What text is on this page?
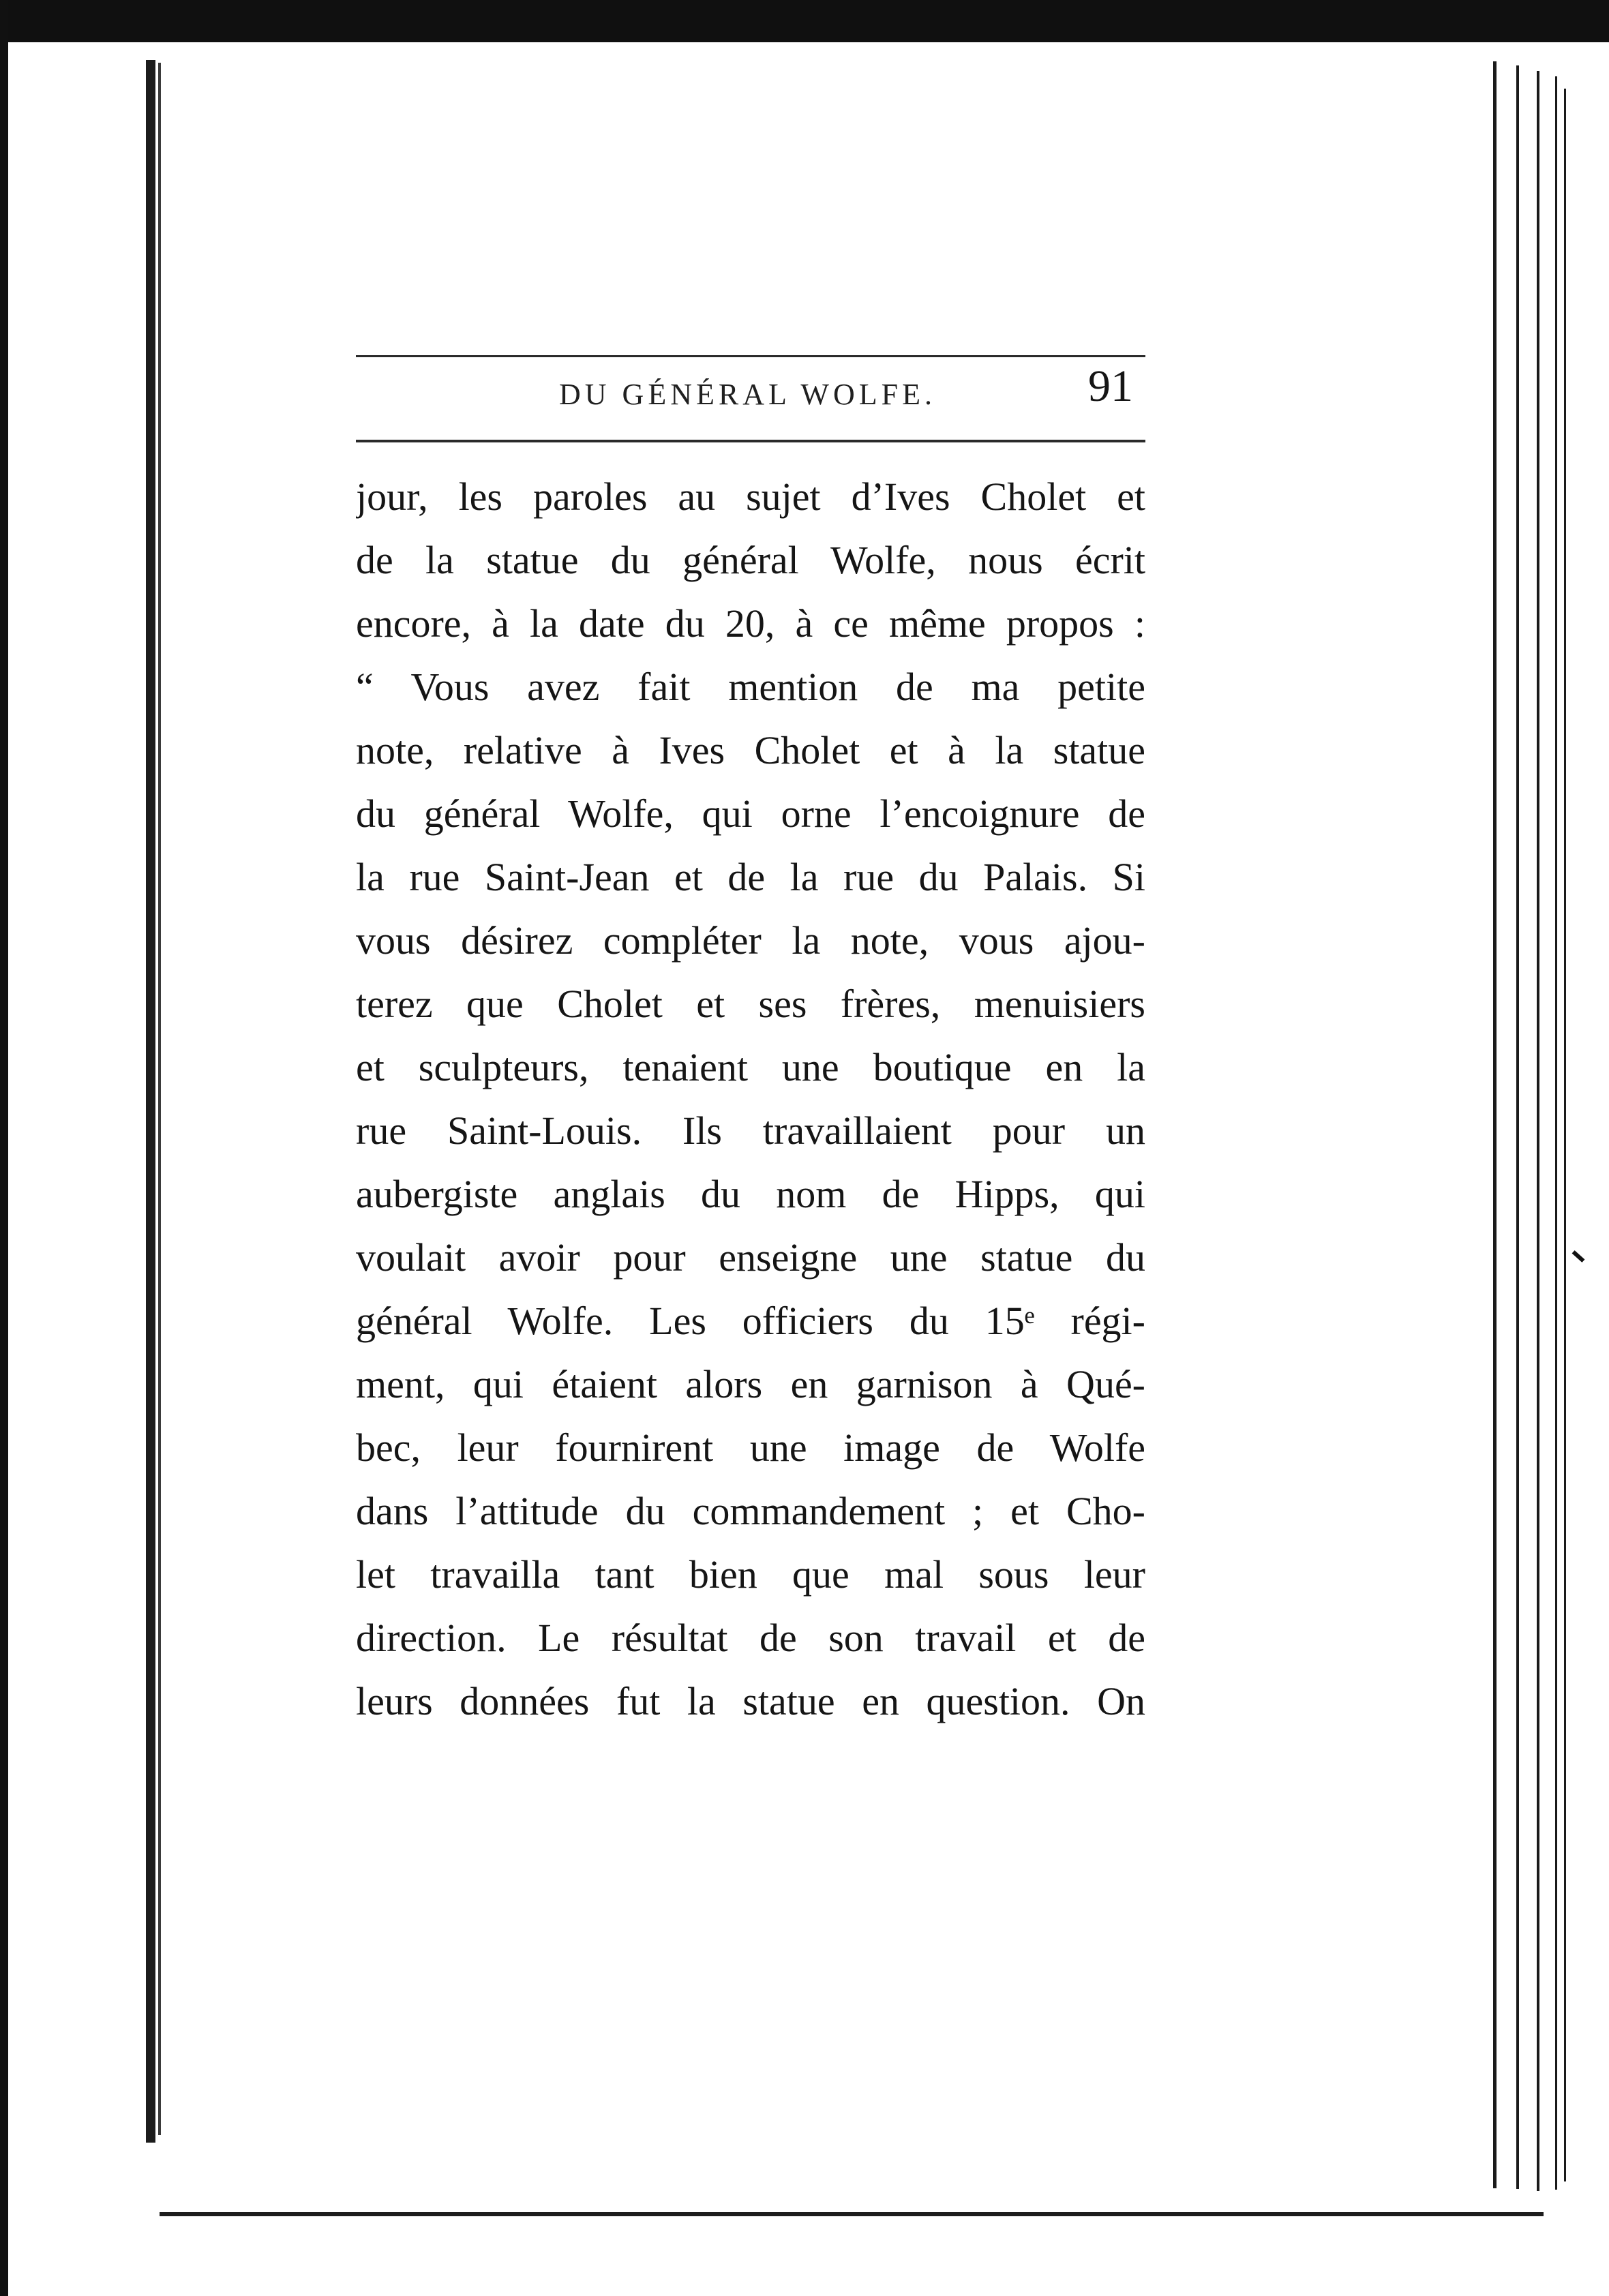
DU GÉNÉRAL WOLFE.	91
jour, les paroles au sujet d’Ives Cholet et
de la statue du général Wolfe, nous écrit
encore, à la date du 20, à ce même propos :
“ Vous avez fait mention de ma petite
note, relative à Ives Cholet et à la statue
du général Wolfe, qui orne l’encoignure de
la rue Saint-Jean et de la rue du Palais. Si
vous désirez compléter la note, vous ajou-
terez que Cholet et ses frères, menuisiers
et sculpteurs, tenaient une boutique en la
rue Saint-Louis. Ils travaillaient pour un
aubergiste anglais du nom de Hipps, qui
voulait avoir pour enseigne une statue du
général Wolfe. Les officiers du 15ᵉ régi-
ment, qui étaient alors en garnison à Qué-
bec, leur fournirent une image de Wolfe
dans l’attitude du commandement ; et Cho-
let travailla tant bien que mal sous leur
direction. Le résultat de son travail et de
leurs données fut la statue en question. On
